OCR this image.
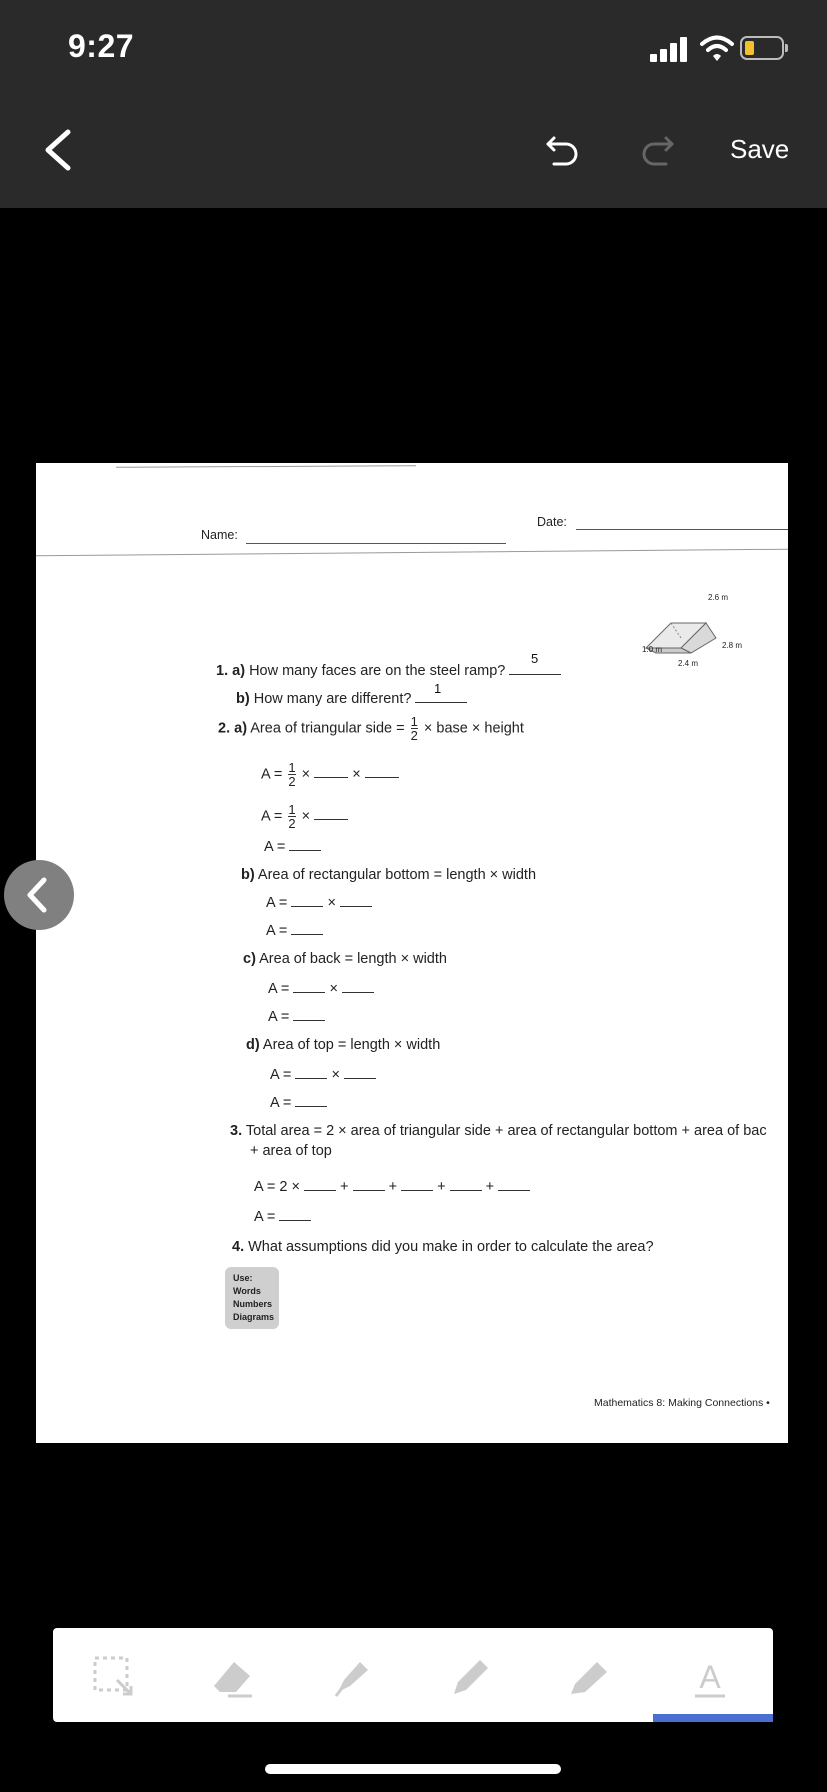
9:27
Save
Name:
Date:
2.6 m
2.8 m
1.0 m
2.4 m
1. a) How many faces are on the steel ramp?
5
b) How many are different?
1
2. a) Area of triangular side = $\frac{1}{2}$ × base × height
$A = \frac{1}{2}$ ×	×
$A = \frac{1}{2}$ ×
A =
b) Area of rectangular bottom = length × width
A =	×
A =
c) Area of back = length × width
A =	×
A =
d) Area of top = length × width
A =	×
A =
3. Total area = 2 × area of triangular side + area of rectangular bottom + area of bac
+ area of top
A = 2 ×	+	+	+	+
A =
4. What assumptions did you make in order to calculate the area?
Use:
Words
Numbers
Diagrams
Mathematics 8: Making Connections •
A
